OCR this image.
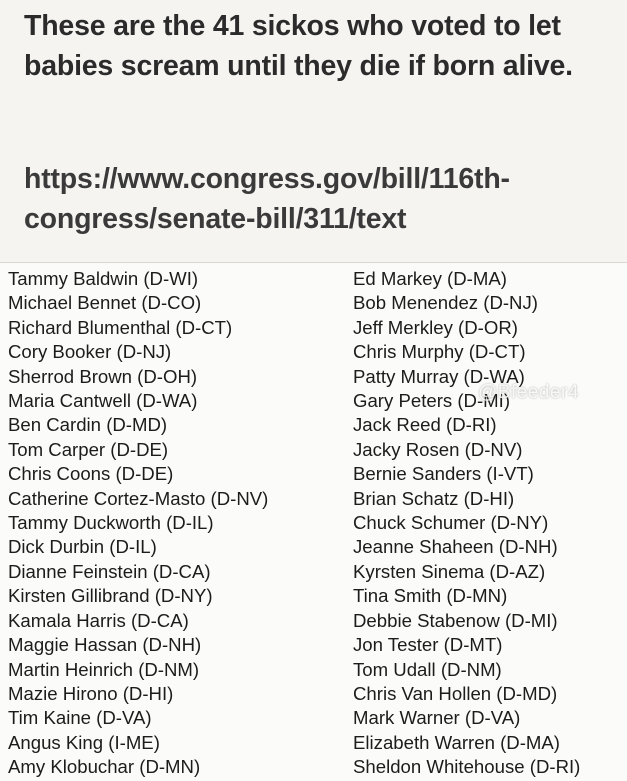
These are the 41 sickos who voted to let babies scream until they die if born alive.

https://www.congress.gov/bill/116th-congress/senate-bill/311/text

Tammy Baldwin (D-WI)
Michael Bennet (D-CO)
Richard Blumenthal (D-CT)
Cory Booker (D-NJ)
Sherrod Brown (D-OH)
Maria Cantwell (D-WA)
Ben Cardin (D-MD)
Tom Carper (D-DE)
Chris Coons (D-DE)
Catherine Cortez-Masto (D-NV)
Tammy Duckworth (D-IL)
Dick Durbin (D-IL)
Dianne Feinstein (D-CA)
Kirsten Gillibrand (D-NY)
Kamala Harris (D-CA)
Maggie Hassan (D-NH)
Martin Heinrich (D-NM)
Mazie Hirono (D-HI)
Tim Kaine (D-VA)
Angus King (I-ME)
Amy Klobuchar (D-MN)
Ed Markey (D-MA)
Bob Menendez (D-NJ)
Jeff Merkley (D-OR)
Chris Murphy (D-CT)
Patty Murray (D-WA)
Gary Peters (D-MI)
Jack Reed (D-RI)
Jacky Rosen (D-NV)
Bernie Sanders (I-VT)
Brian Schatz (D-HI)
Chuck Schumer (D-NY)
Jeanne Shaheen (D-NH)
Kyrsten Sinema (D-AZ)
Tina Smith (D-MN)
Debbie Stabenow (D-MI)
Jon Tester (D-MT)
Tom Udall (D-NM)
Chris Van Hollen (D-MD)
Mark Warner (D-VA)
Elizabeth Warren (D-MA)
Sheldon Whitehouse (D-RI)
@Bfeeder4
